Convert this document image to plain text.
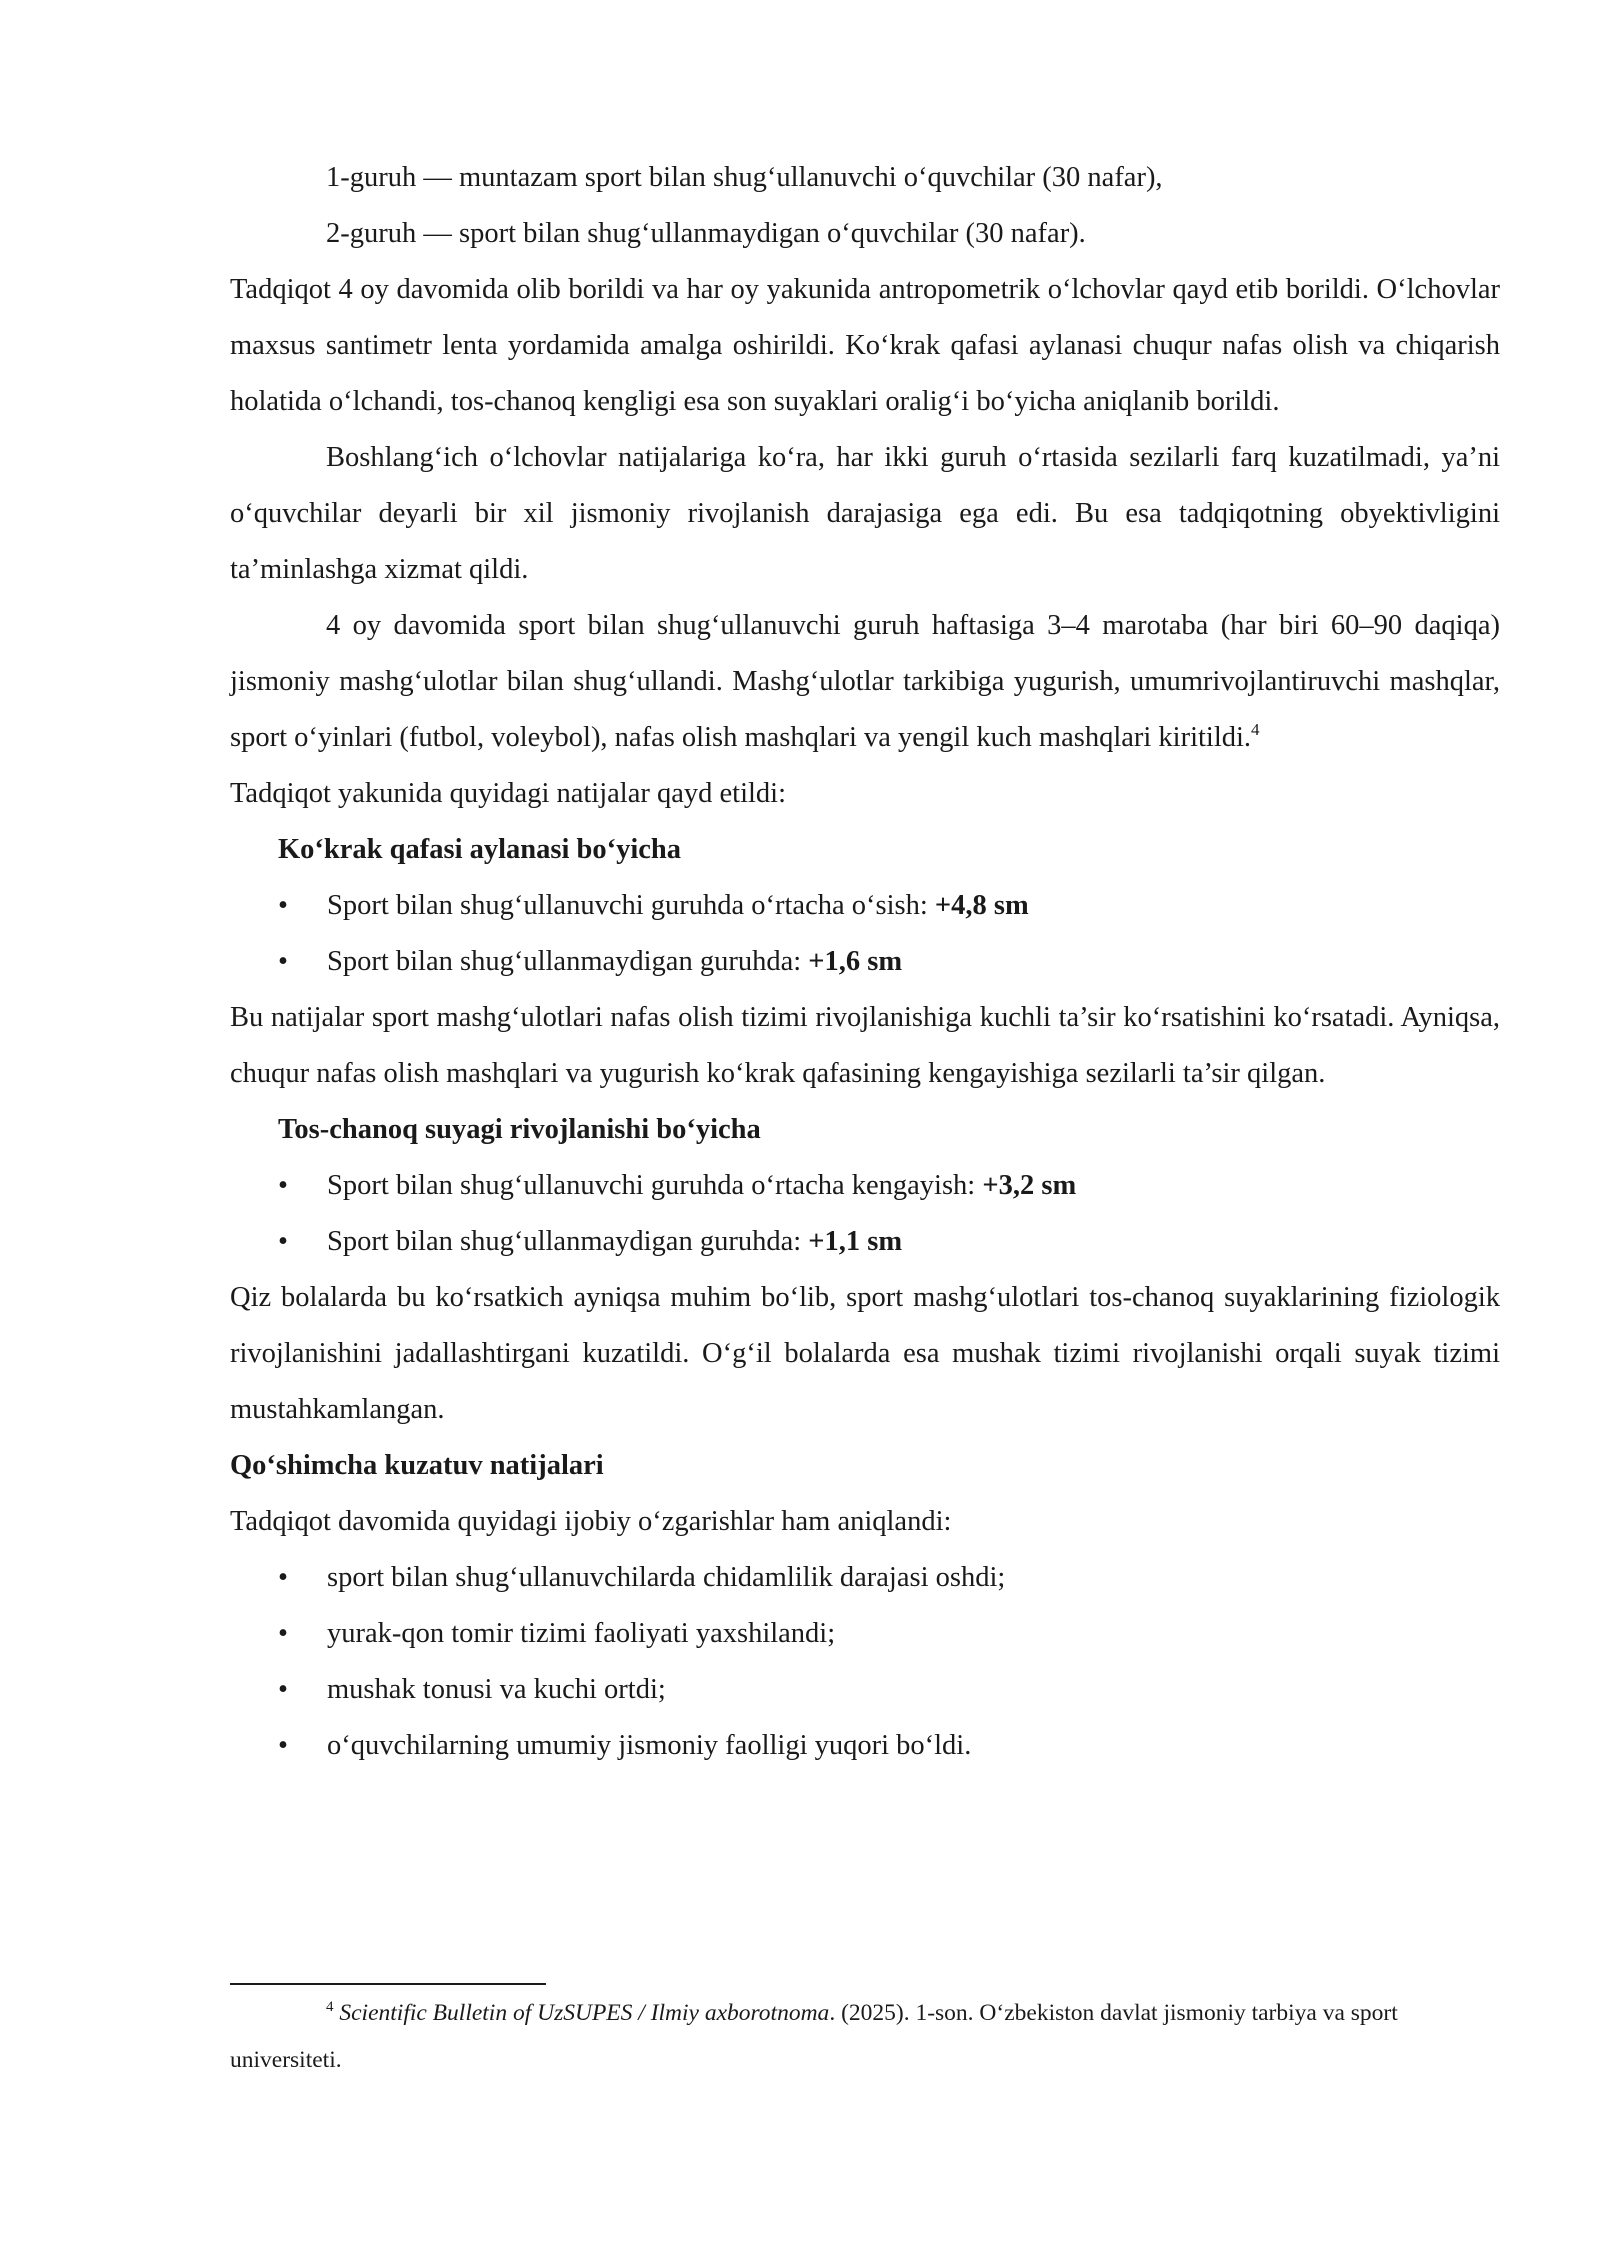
1-guruh — muntazam sport bilan shug‘ullanuvchi o‘quvchilar (30 nafar),

2-guruh — sport bilan shug‘ullanmaydigan o‘quvchilar (30 nafar).

Tadqiqot 4 oy davomida olib borildi va har oy yakunida antropometrik o‘lchovlar qayd etib borildi. O‘lchovlar maxsus santimetr lenta yordamida amalga oshirildi. Ko‘krak qafasi aylanasi chuqur nafas olish va chiqarish holatida o‘lchandi, tos-chanoq kengligi esa son suyaklari oralig‘i bo‘yicha aniqlanib borildi.

Boshlang‘ich o‘lchovlar natijalariga ko‘ra, har ikki guruh o‘rtasida sezilarli farq kuzatilmadi, ya’ni o‘quvchilar deyarli bir xil jismoniy rivojlanish darajasiga ega edi. Bu esa tadqiqotning obyektivligini ta’minlashga xizmat qildi.

4 oy davomida sport bilan shug‘ullanuvchi guruh haftasiga 3–4 marotaba (har biri 60–90 daqiqa) jismoniy mashg‘ulotlar bilan shug‘ullandi. Mashg‘ulotlar tarkibiga yugurish, umumrivojlantiruvchi mashqlar, sport o‘yinlari (futbol, voleybol), nafas olish mashqlari va yengil kuch mashqlari kiritildi.$^4$

Tadqiqot yakunida quyidagi natijalar qayd etildi:

Ko‘krak qafasi aylanasi bo‘yicha

• Sport bilan shug‘ullanuvchi guruhda o‘rtacha o‘sish: +4,8 sm
• Sport bilan shug‘ullanmaydigan guruhda: +1,6 sm

Bu natijalar sport mashg‘ulotlari nafas olish tizimi rivojlanishiga kuchli ta’sir ko‘rsatishini ko‘rsatadi. Ayniqsa, chuqur nafas olish mashqlari va yugurish ko‘krak qafasining kengayishiga sezilarli ta’sir qilgan.

Tos-chanoq suyagi rivojlanishi bo‘yicha

• Sport bilan shug‘ullanuvchi guruhda o‘rtacha kengayish: +3,2 sm
• Sport bilan shug‘ullanmaydigan guruhda: +1,1 sm

Qiz bolalarda bu ko‘rsatkich ayniqsa muhim bo‘lib, sport mashg‘ulotlari tos-chanoq suyaklarining fiziologik rivojlanishini jadallashtirgani kuzatildi. O‘g‘il bolalarda esa mushak tizimi rivojlanishi orqali suyak tizimi mustahkamlangan.

Qo‘shimcha kuzatuv natijalari

Tadqiqot davomida quyidagi ijobiy o‘zgarishlar ham aniqlandi:

• sport bilan shug‘ullanuvchilarda chidamlilik darajasi oshdi;
• yurak-qon tomir tizimi faoliyati yaxshilandi;
• mushak tonusi va kuchi ortdi;
• o‘quvchilarning umumiy jismoniy faolligi yuqori bo‘ldi.

$^4$ Scientific Bulletin of UzSUPES / Ilmiy axborotnoma. (2025). 1-son. O‘zbekiston davlat jismoniy tarbiya va sport universiteti.
